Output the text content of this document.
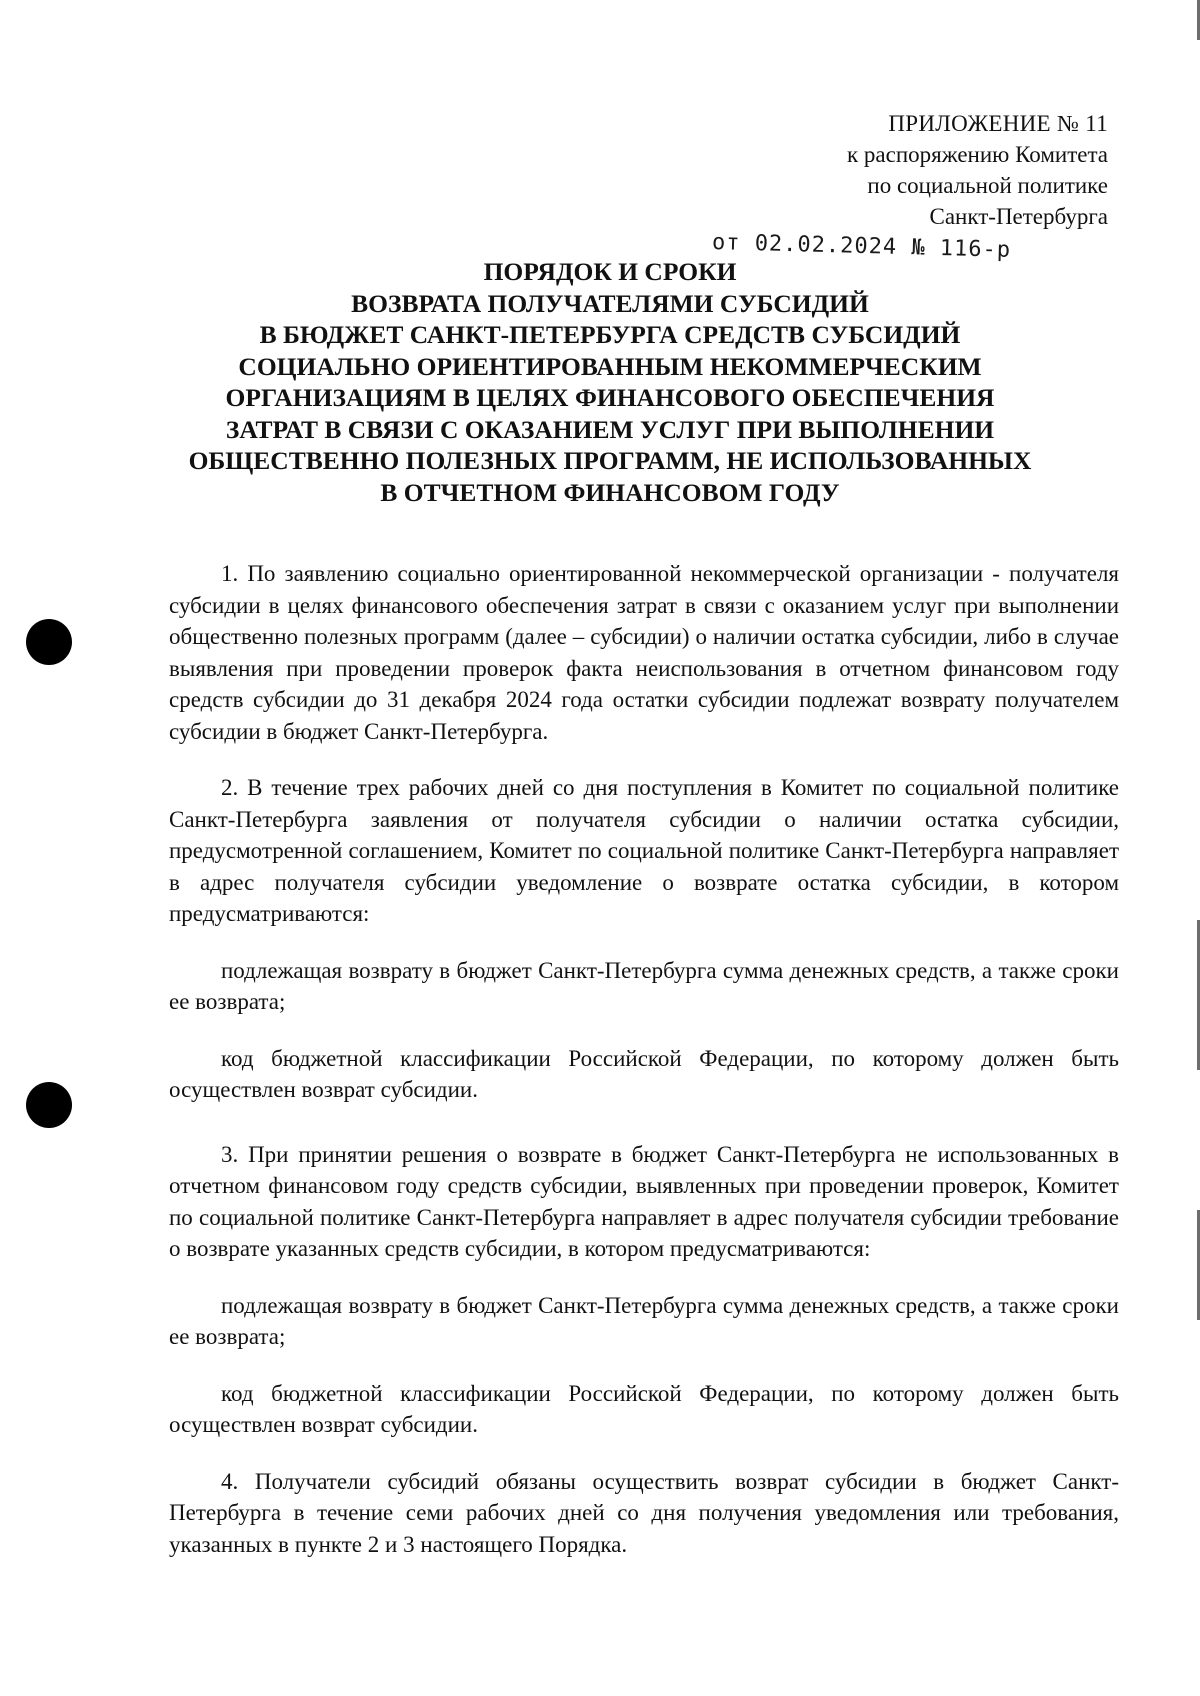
ПРИЛОЖЕНИЕ № 11
к распоряжению Комитета
по социальной политике
Санкт-Петербурга
от 02.02.2024 № 116-р
ПОРЯДОК И СРОКИ
ВОЗВРАТА ПОЛУЧАТЕЛЯМИ СУБСИДИЙ
В БЮДЖЕТ САНКТ-ПЕТЕРБУРГА СРЕДСТВ СУБСИДИЙ
СОЦИАЛЬНО ОРИЕНТИРОВАННЫМ НЕКОММЕРЧЕСКИМ
ОРГАНИЗАЦИЯМ В ЦЕЛЯХ ФИНАНСОВОГО ОБЕСПЕЧЕНИЯ
ЗАТРАТ В СВЯЗИ С ОКАЗАНИЕМ УСЛУГ ПРИ ВЫПОЛНЕНИИ
ОБЩЕСТВЕННО ПОЛЕЗНЫХ ПРОГРАММ, НЕ ИСПОЛЬЗОВАННЫХ
В ОТЧЕТНОМ ФИНАНСОВОМ ГОДУ

1. По заявлению социально ориентированной некоммерческой организации - получателя субсидии в целях финансового обеспечения затрат в связи с оказанием услуг при выполнении общественно полезных программ (далее – субсидии) о наличии остатка субсидии, либо в случае выявления при проведении проверок факта неиспользования в отчетном финансовом году средств субсидии до 31 декабря 2024 года остатки субсидии подлежат возврату получателем субсидии в бюджет Санкт-Петербурга.

2. В течение трех рабочих дней со дня поступления в Комитет по социальной политике Санкт-Петербурга заявления от получателя субсидии о наличии остатка субсидии, предусмотренной соглашением, Комитет по социальной политике Санкт-Петербурга направляет в адрес получателя субсидии уведомление о возврате остатка субсидии, в котором предусматриваются:

подлежащая возврату в бюджет Санкт-Петербурга сумма денежных средств, а также сроки ее возврата;

код бюджетной классификации Российской Федерации, по которому должен быть осуществлен возврат субсидии.

3. При принятии решения о возврате в бюджет Санкт-Петербурга не использованных в отчетном финансовом году средств субсидии, выявленных при проведении проверок, Комитет по социальной политике Санкт-Петербурга направляет в адрес получателя субсидии требование о возврате указанных средств субсидии, в котором предусматриваются:

подлежащая возврату в бюджет Санкт-Петербурга сумма денежных средств, а также сроки ее возврата;

код бюджетной классификации Российской Федерации, по которому должен быть осуществлен возврат субсидии.

4. Получатели субсидий обязаны осуществить возврат субсидии в бюджет Санкт-Петербурга в течение семи рабочих дней со дня получения уведомления или требования, указанных в пункте 2 и 3 настоящего Порядка.
